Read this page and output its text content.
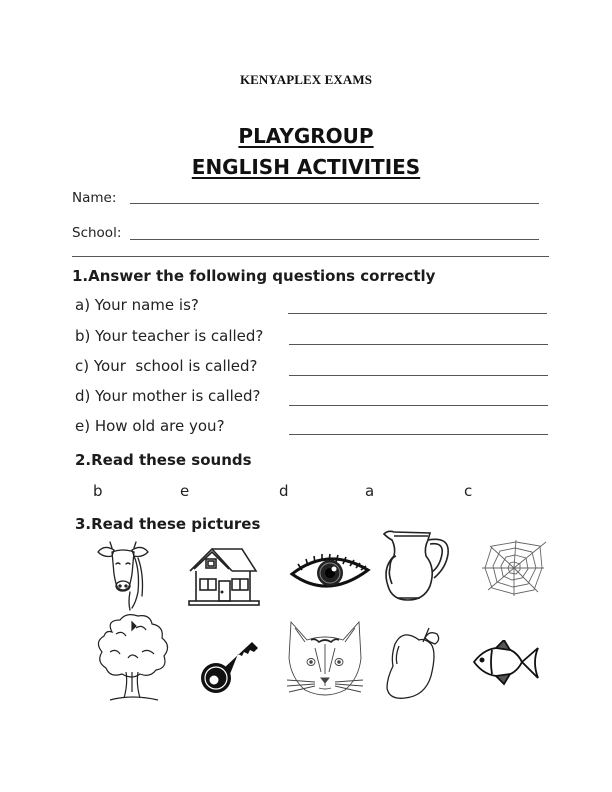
KENYAPLEX EXAMS
PLAYGROUP
ENGLISH ACTIVITIES
Name:
School:
1.Answer the following questions correctly
a) Your name is?
b) Your teacher is called?
c) Your  school is called?
d) Your mother is called?
e) How old are you?
2.Read these sounds
b	e	d	a	c
3.Read these pictures
